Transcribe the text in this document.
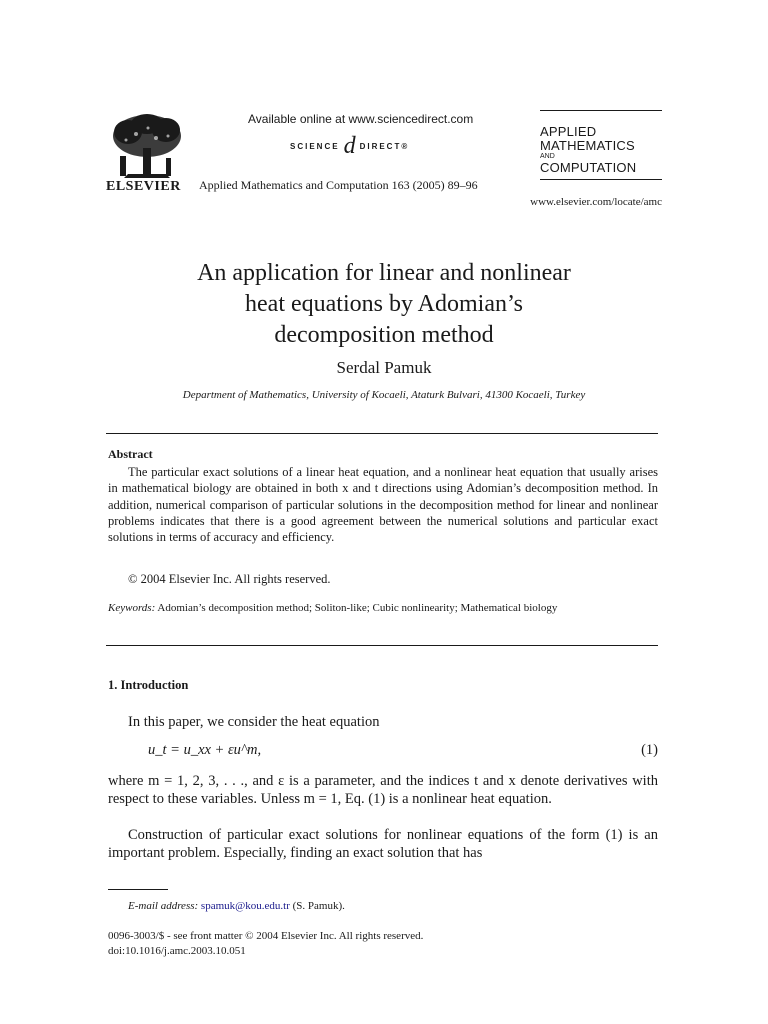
ELSEVIER
Available online at www.sciencedirect.com
SCIENCE d DIRECT®
Applied Mathematics and Computation 163 (2005) 89–96
APPLIED
MATHEMATICS
AND
COMPUTATION
www.elsevier.com/locate/amc
An application for linear and nonlinear
heat equations by Adomian’s
decomposition method
Serdal Pamuk
Department of Mathematics, University of Kocaeli, Ataturk Bulvari, 41300 Kocaeli, Turkey
Abstract
The particular exact solutions of a linear heat equation, and a nonlinear heat equation that usually arises in mathematical biology are obtained in both x and t directions using Adomian’s decomposition method. In addition, numerical comparison of particular solutions in the decomposition method for linear and nonlinear problems indicates that there is a good agreement between the numerical solutions and particular exact solutions in terms of accuracy and efficiency.
© 2004 Elsevier Inc. All rights reserved.
Keywords: Adomian’s decomposition method; Soliton-like; Cubic nonlinearity; Mathematical biology
1. Introduction
In this paper, we consider the heat equation
u_t = u_xx + εu^m,	(1)
where m = 1, 2, 3, . . ., and ε is a parameter, and the indices t and x denote derivatives with respect to these variables. Unless m = 1, Eq. (1) is a nonlinear heat equation.
Construction of particular exact solutions for nonlinear equations of the form (1) is an important problem. Especially, finding an exact solution that has
E-mail address: spamuk@kou.edu.tr (S. Pamuk).
0096-3003/$ - see front matter © 2004 Elsevier Inc. All rights reserved.
doi:10.1016/j.amc.2003.10.051
